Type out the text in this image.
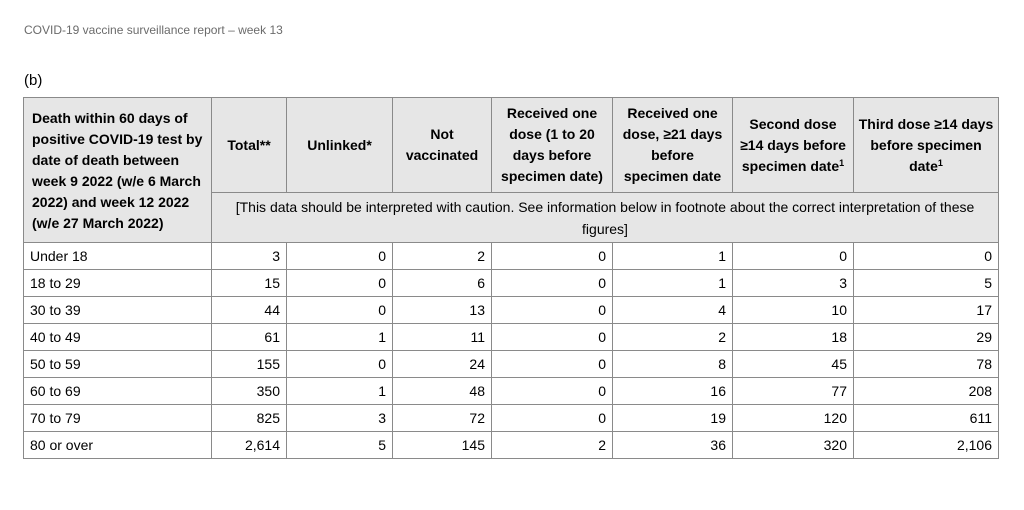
COVID-19 vaccine surveillance report – week 13
(b)
Death within 60 days of positive COVID-19 test by date of death between week 9 2022 (w/e 6 March 2022) and week 12 2022 (w/e 27 March 2022)	Total**	Unlinked*	Not vaccinated	Received one dose (1 to 20 days before specimen date)	Received one dose, ≥21 days before specimen date	Second dose ≥14 days before specimen date$^1$	Third dose ≥14 days before specimen date$^1$
	[This data should be interpreted with caution. See information below in footnote about the correct interpretation of these figures]						
Under 18	3	0	2	0	1	0	0
18 to 29	15	0	6	0	1	3	5
30 to 39	44	0	13	0	4	10	17
40 to 49	61	1	11	0	2	18	29
50 to 59	155	0	24	0	8	45	78
60 to 69	350	1	48	0	16	77	208
70 to 79	825	3	72	0	19	120	611
80 or over	2,614	5	145	2	36	320	2,106
